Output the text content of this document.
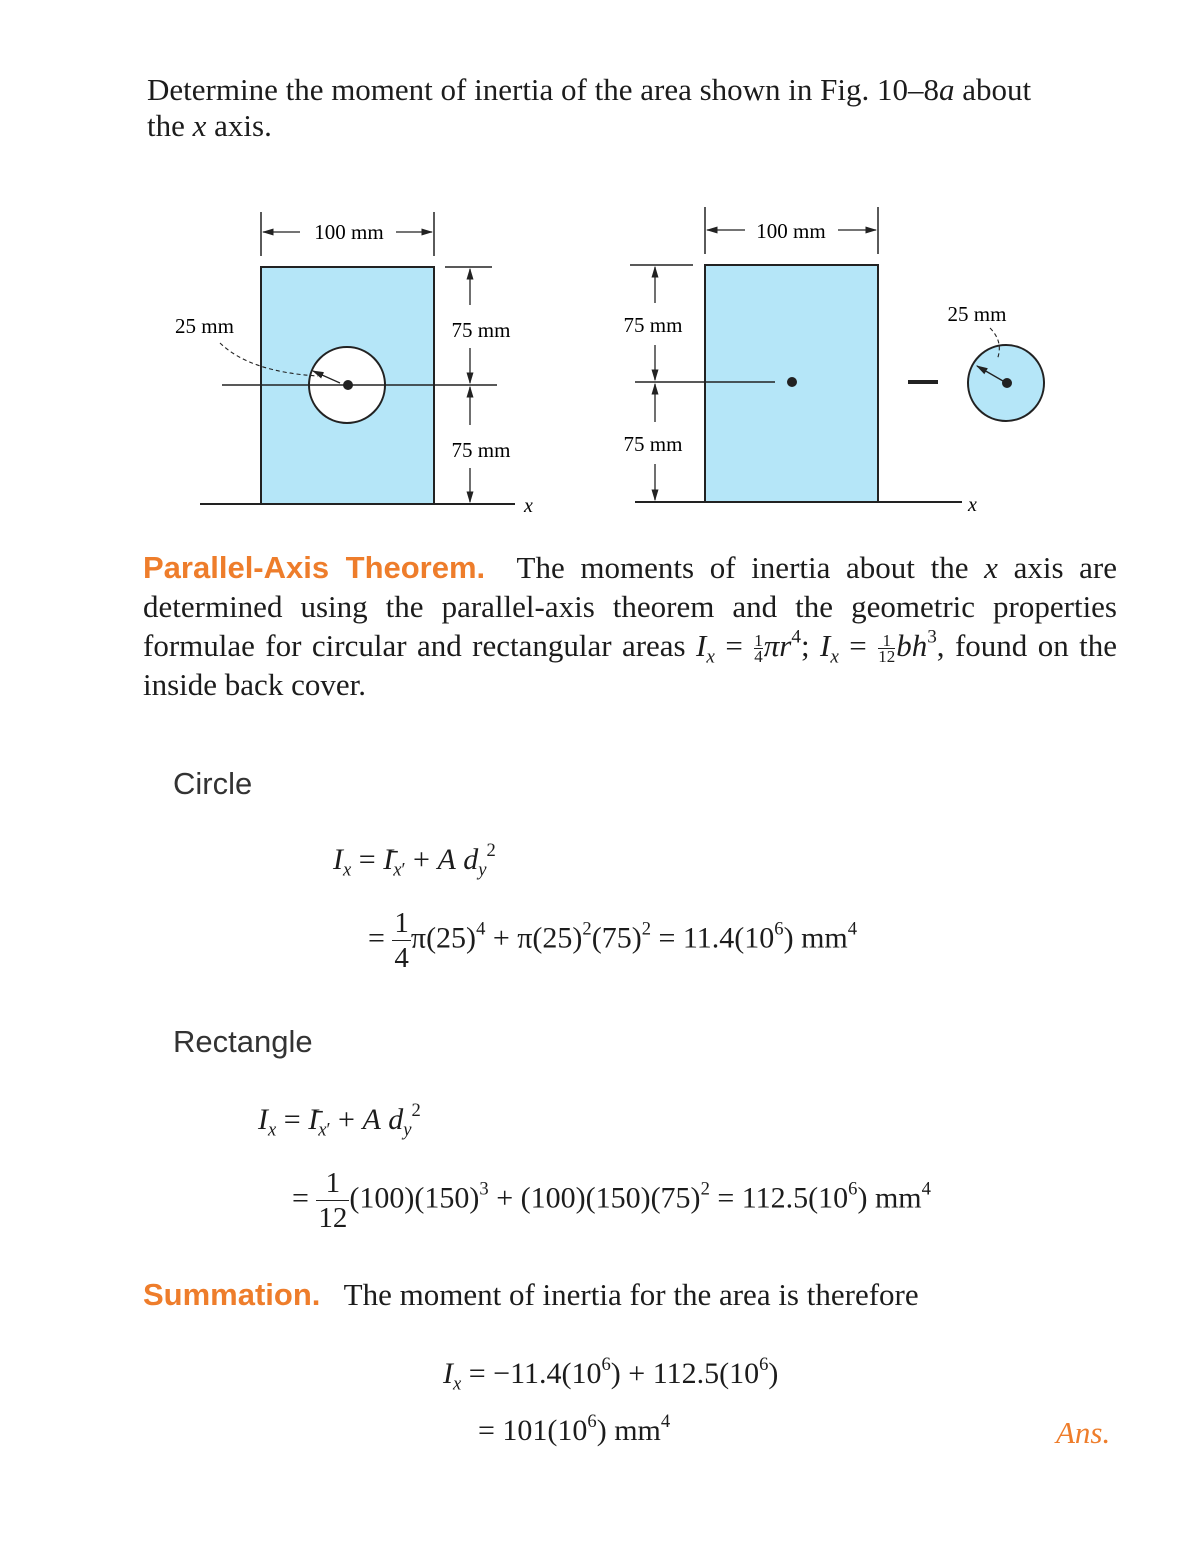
Determine the moment of inertia of the area shown in Fig. 10–8a about the x axis.
x
100 mm
25 mm	75 mm
75 mm
x
100 mm
75 mm
75 mm
25 mm
Parallel-Axis Theorem. The moments of inertia about the x axis are determined using the parallel-axis theorem and the geometric properties formulae for circular and rectangular areas $I_x = \frac{1}{4} \pi r^4$; $I_x = \frac{1}{12} bh^3$, found on the inside back cover.
Circle
$I_x = I_{x'} + A$ $d_y^2$
= $\frac{1}{4} \pi(25)^4 + \pi(25)^2(75)^2 = 11.4(10^6)$ $mm^4$
Rectangle
$I_x = I_{x'} + A$ $d_y^2$
= $\frac{1}{12} (100)(150)^3 + (100)(150)(75)^2 = 112.5(10^6)$ $mm^4$
Summation. The moment of inertia for the area is therefore
$I_x = -11.4(10^6) + 112.5(10^6)$
= $101(10^6)$ $mm^4$	Ans.
